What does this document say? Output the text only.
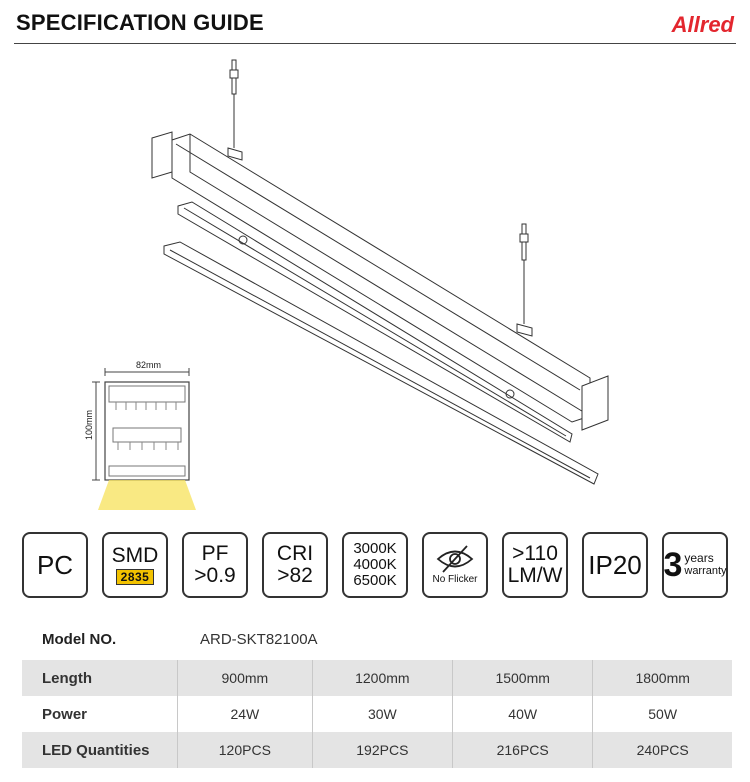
SPECIFICATION GUIDE	Allred
82mm
100mm
PC SMD
2835
PF
>0.9
CRI
>82
3000K
4000K
6500K	No Flicker
>110
LM/W IP20 3 years
warranty
Model NO.	ARD-SKT82100A
Length	900mm	1200mm	1500mm	1800mm
Power	24W	30W	40W	50W
LED Quantities	120PCS	192PCS	216PCS	240PCS
